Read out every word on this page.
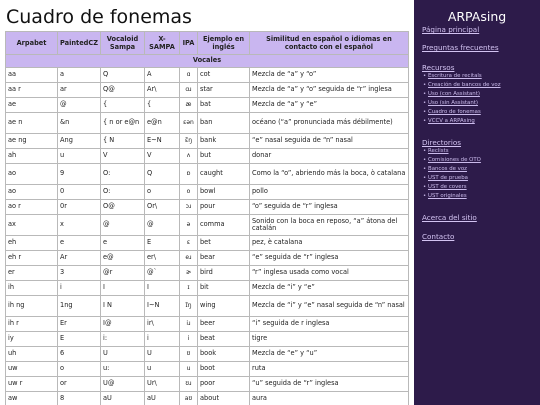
Cuadro de fonemas
Arpabet	PaintedCZ	Vocaloid Sampa	X-SAMPA	IPA	Ejemplo en inglés	Similitud en español o idiomas en contacto con el español
Vocales						
aa	a	Q	A	ɑ	cot	Mezcla de “a” y “o”
aa r	ar	Q@	Ar\	ɑɹ	star	Mezcla de “a” y “o” seguida de “r” inglesa
ae	@	{	{	æ	bat	Mezcla de “a” y “e”
ae n	&n	{ n or e@n	e@n	ɛən	ban	océano (“a” pronunciada más débilmente)
ae ng	Ang	{ N	E~N	ɛ̃ŋ	bank	“e” nasal seguida de “n” nasal
ah	u	V	V	ʌ	but	donar
ao	9	O:	Q	ɒ	caught	Como la “o”, abriendo más la boca, ò catalana
ao	0	O:	o	o	bowl	pollo
ao r	0r	O@	Or\	ɔɹ	pour	“o” seguida de “r” inglesa
ax	x	@	@	ə	comma	Sonido con la boca en reposo, “a” átona del catalán
eh	e	e	E	ɛ	bet	pez, è catalana
eh r	Ar	e@	er\	eɹ	bear	“e” seguida de “r” inglesa
er	3	@r	@`	ɚ	bird	“r” inglesa usada como vocal
ih	i	I	I	ɪ	bit	Mezcla de “i” y “e”
ih ng	1ng	I N	I~N	ɪ̃ŋ	wing	Mezcla de “i” y “e” nasal seguida de “n” nasal
ih r	Er	I@	ir\	iɹ	beer	“i” seguida de r inglesa
iy	E	i:	i	i	beat	tigre
uh	6	U	U	ʊ	book	Mezcla de “e” y “u”
uw	o	u:	u	u	boot	ruta
uw r	or	U@	Ur\	ʊɹ	poor	“u” seguida de “r” inglesa
aw	8	aU	aU	aʊ	about	aura
ARPAsing
Página principal
Preguntas frecuentes
Recursos
• Escritura de recitals
• Creación de bancos de voz
• Uso (con Assistant)
• Uso (sin Assistant)
• Cuadro de fonemas
• VCCV a ARPAsing
Directorios
• Reclists
• Comisiones de OTO
• Bancos de voz
• UST de prueba
• UST de covers
• UST originales
Acerca del sitio
Contacto
